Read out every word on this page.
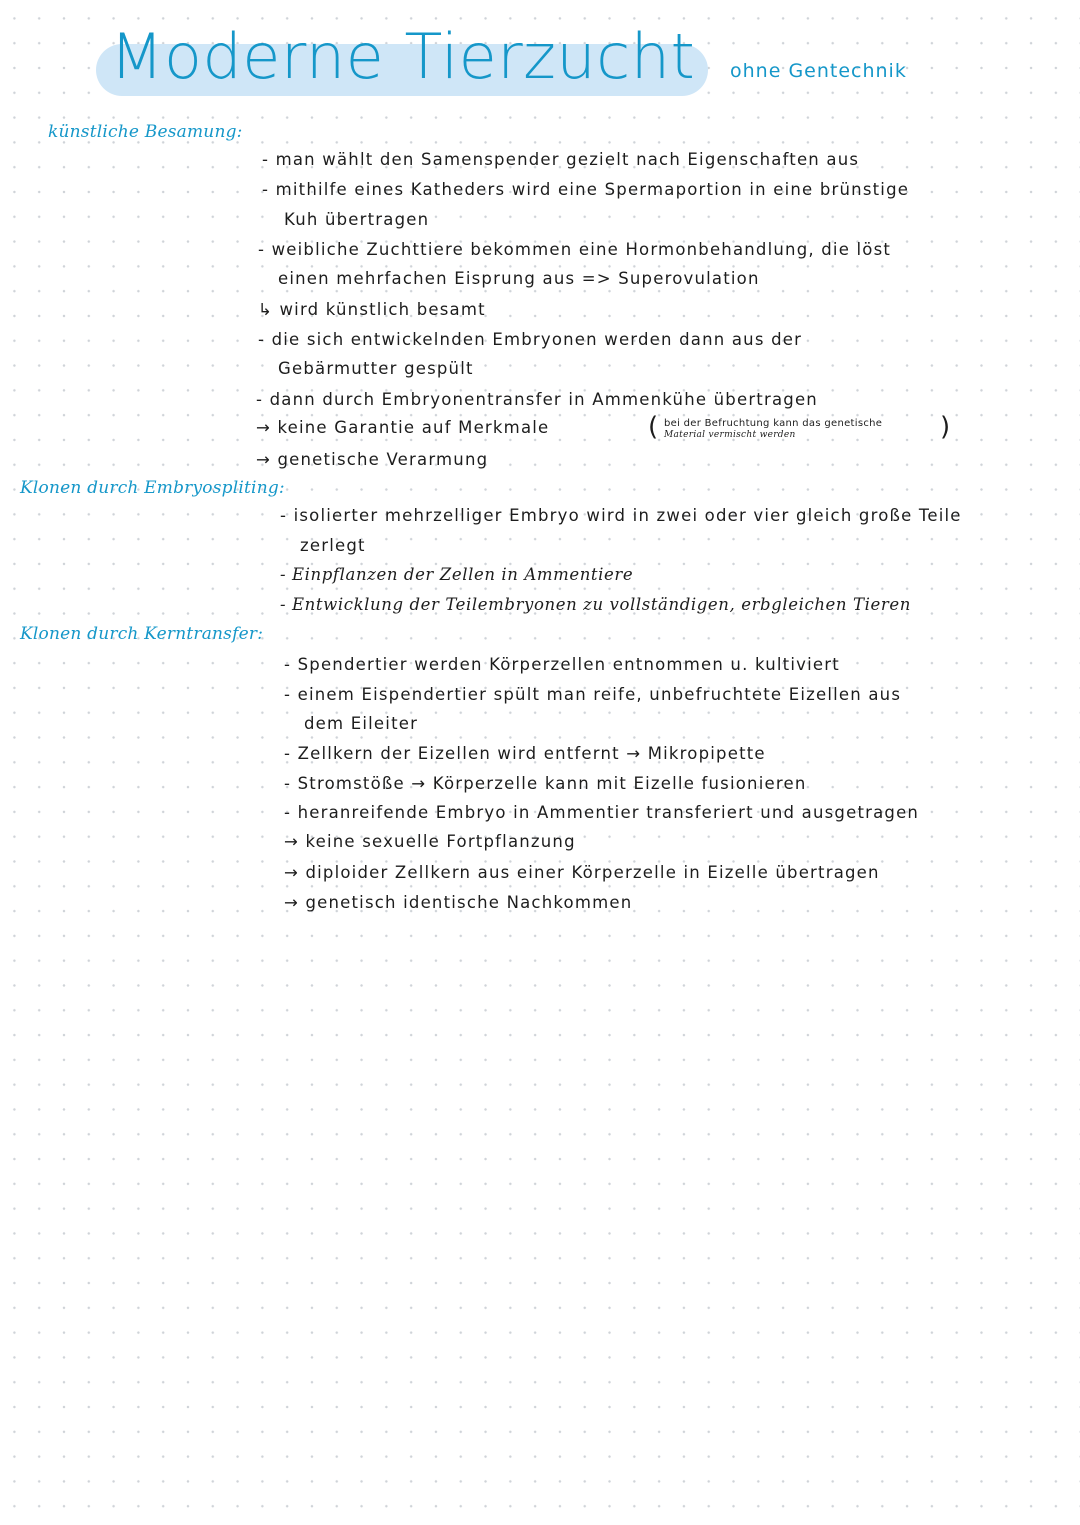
Moderne Tierzucht ohne Gentechnik
künstliche Besamung:
- man wählt den Samenspender gezielt nach Eigenschaften aus
- mithilfe eines Katheders wird eine Spermaportion in eine brünstige
Kuh übertragen
- weibliche Zuchttiere bekommen eine Hormonbehandlung, die löst
einen mehrfachen Eisprung aus => Superovulation
↳ wird künstlich besamt
- die sich entwickelnden Embryonen werden dann aus der
Gebärmutter gespült
- dann durch Embryonentransfer in Ammenkühe übertragen
→ keine Garantie auf Merkmale	( bei der Befruchtung kann das genetische
Material vermischt werden	)
→ genetische Verarmung
Klonen durch Embryospliting:
- isolierter mehrzelliger Embryo wird in zwei oder vier gleich große Teile
zerlegt
- Einpflanzen der Zellen in Ammentiere
- Entwicklung der Teilembryonen zu vollständigen, erbgleichen Tieren
Klonen durch Kerntransfer:
- Spendertier werden Körperzellen entnommen u. kultiviert
- einem Eispendertier spült man reife, unbefruchtete Eizellen aus
dem Eileiter
- Zellkern der Eizellen wird entfernt → Mikropipette
- Stromstöße → Körperzelle kann mit Eizelle fusionieren
- heranreifende Embryo in Ammentier transferiert und ausgetragen
→ keine sexuelle Fortpflanzung
→ diploider Zellkern aus einer Körperzelle in Eizelle übertragen
→ genetisch identische Nachkommen
